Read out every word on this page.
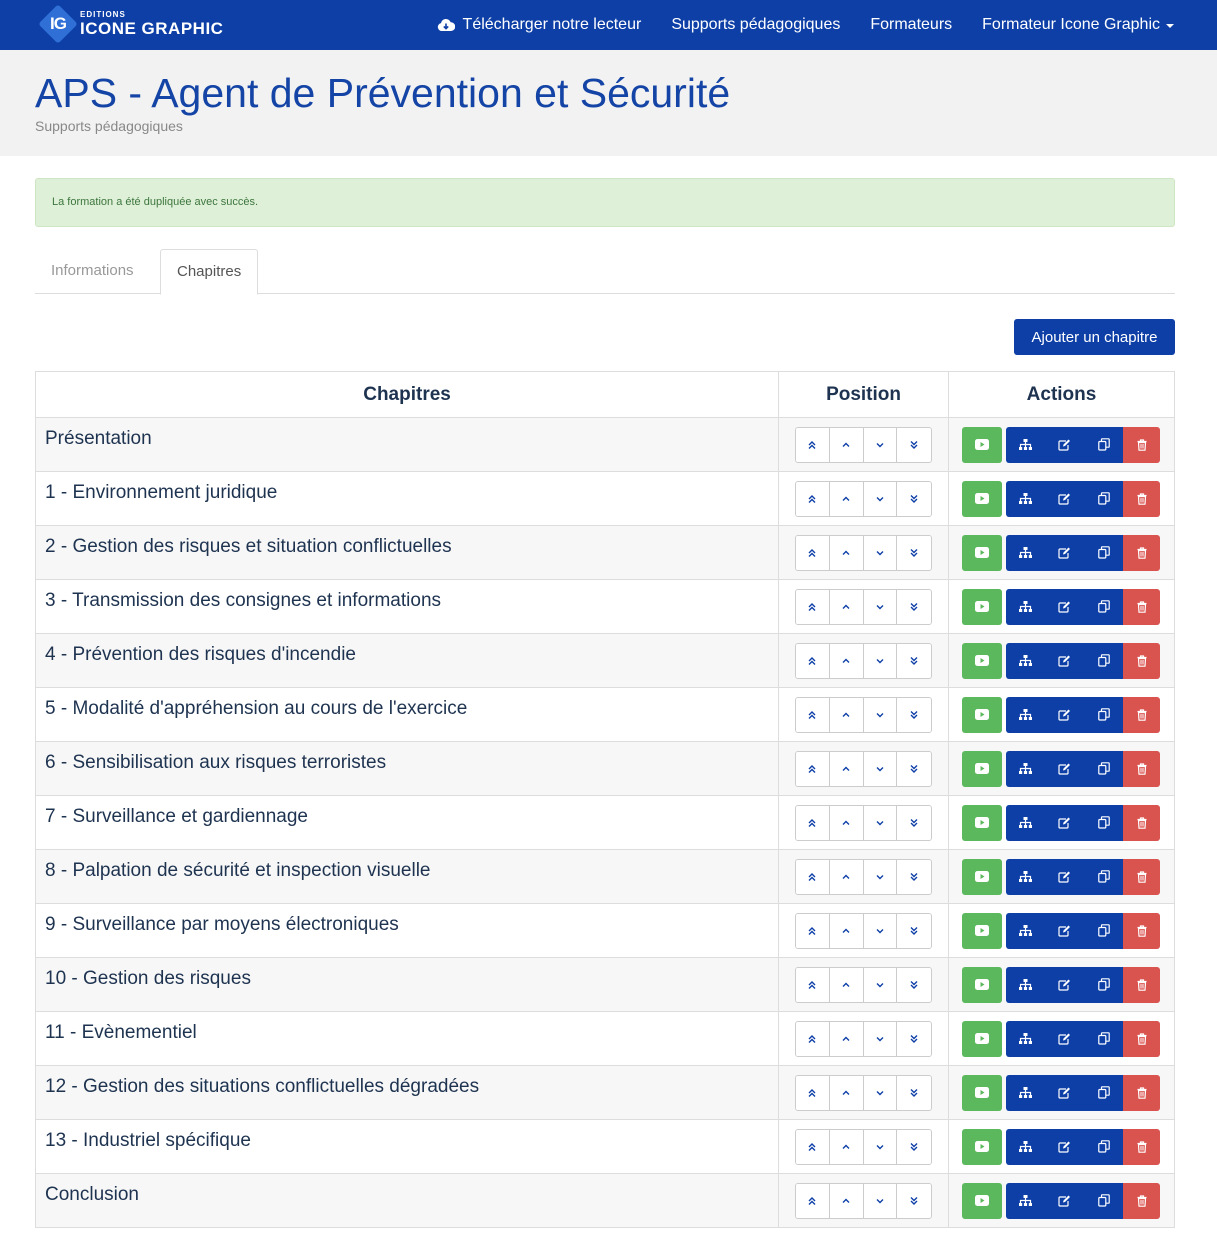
IG	EDITIONS
ICONE GRAPHIC	Télécharger notre lecteur	Supports pédagogiques	Formateurs	Formateur Icone Graphic
APS - Agent de Prévention et Sécurité
Supports pédagogiques
La formation a été dupliquée avec succès.
Informations	Chapitres
Ajouter un chapitre
Chapitres	Position	Actions
Présentation	

1 - Environnement juridique	

2 - Gestion des risques et situation conflictuelles	

3 - Transmission des consignes et informations	

4 - Prévention des risques d'incendie	

5 - Modalité d'appréhension au cours de l'exercice	

6 - Sensibilisation aux risques terroristes	

7 - Surveillance et gardiennage	

8 - Palpation de sécurité et inspection visuelle	

9 - Surveillance par moyens électroniques	

10 - Gestion des risques	

11 - Evènementiel	

12 - Gestion des situations conflictuelles dégradées	

13 - Industriel spécifique	

Conclusion	
